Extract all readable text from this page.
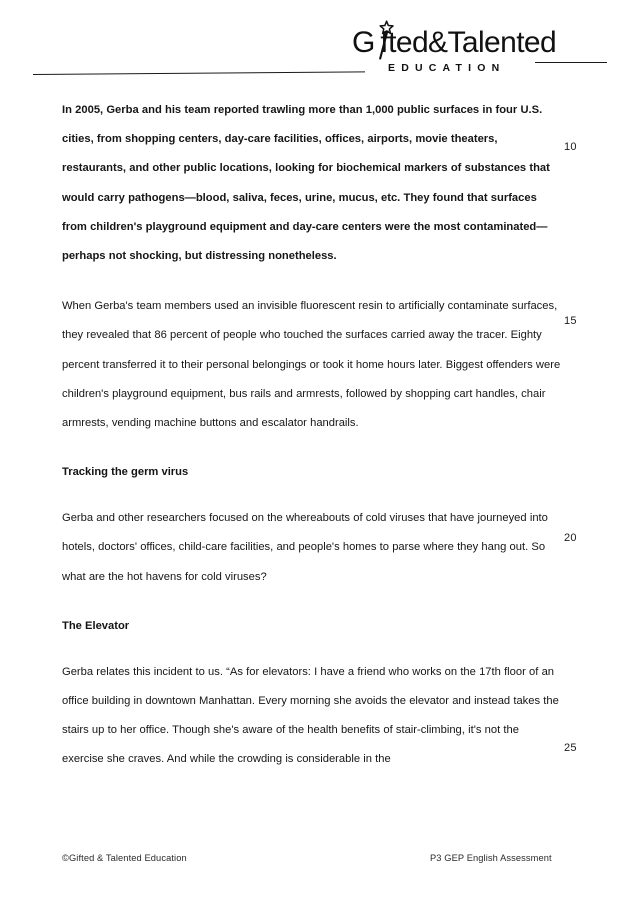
G fted&Talented
EDUCATION

In 2005, Gerba and his team reported trawling more than 1,000 public surfaces in four U.S. cities, from shopping centers, day-care facilities, offices, airports, movie theaters, restaurants, and other public locations, looking for biochemical markers of substances that would carry pathogens—blood, saliva, feces, urine, mucus, etc. They found that surfaces from children's playground equipment and day-care centers were the most contaminated—perhaps not shocking, but distressing nonetheless.

When Gerba's team members used an invisible fluorescent resin to artificially contaminate surfaces, they revealed that 86 percent of people who touched the surfaces carried away the tracer. Eighty percent transferred it to their personal belongings or took it home hours later. Biggest offenders were children's playground equipment, bus rails and armrests, followed by shopping cart handles, chair armrests, vending machine buttons and escalator handrails.

Tracking the germ virus

Gerba and other researchers focused on the whereabouts of cold viruses that have journeyed into hotels, doctors' offices, child-care facilities, and people's homes to parse where they hang out. So what are the hot havens for cold viruses?

The Elevator

Gerba relates this incident to us. “As for elevators: I have a friend who works on the 17th floor of an office building in downtown Manhattan. Every morning she avoids the elevator and instead takes the stairs up to her office. Though she's aware of the health benefits of stair-climbing, it's not the exercise she craves. And while the crowding is considerable in the

10
15
20
25
©Gifted & Talented Education	P3 GEP English Assessment
